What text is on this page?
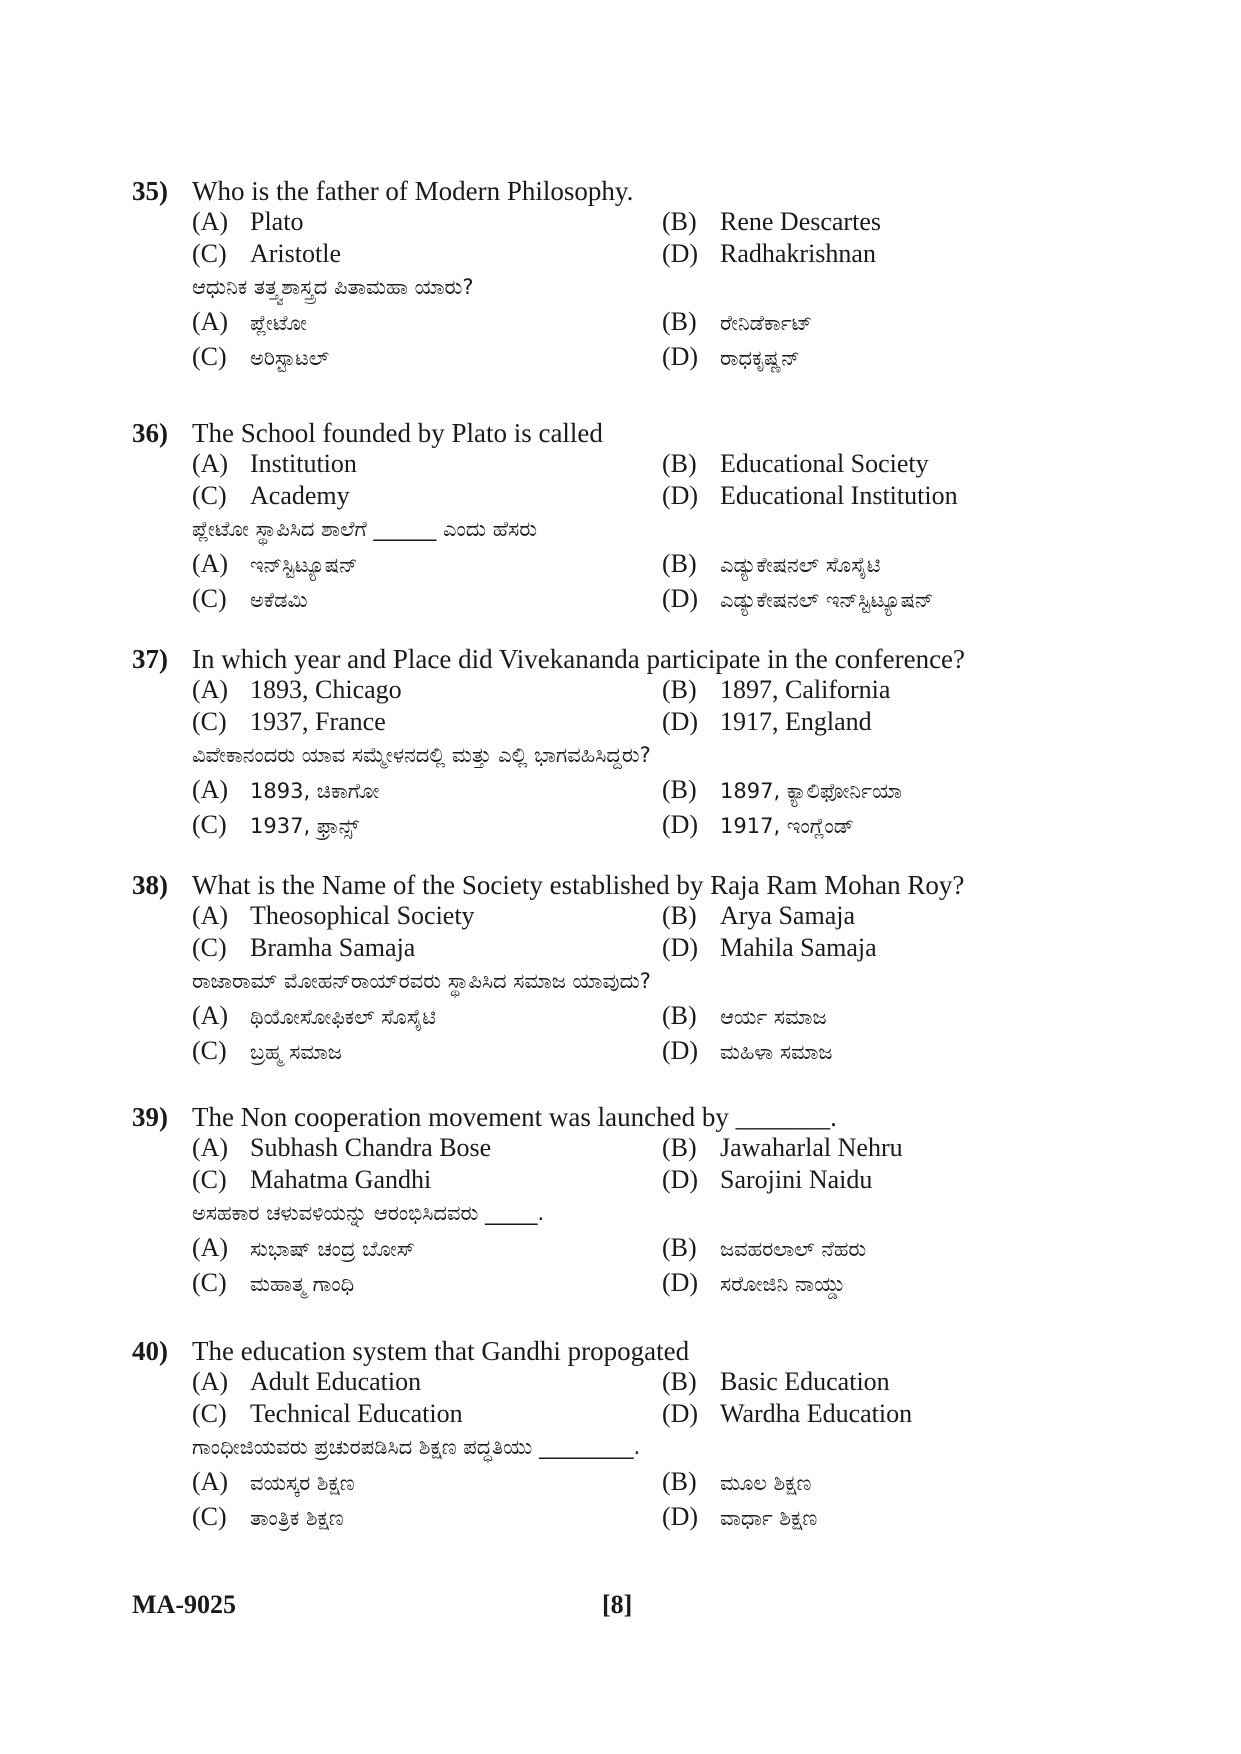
35) Who is the father of Modern Philosophy.
(A) Plato	(B) Rene Descartes
(C) Aristotle	(D) Radhakrishnan
ಆಧುನಿಕ ತತ್ತ್ವಶಾಸ್ತ್ರದ ಪಿತಾಮಹಾ ಯಾರು?
(A) ಪ್ಲೇಟೋ	(B) ರೇನಿಡೆರ್ಕಾಟ್
(C) ಅರಿಸ್ಟಾಟಲ್	(D) ರಾಧಕೃಷ್ಣನ್
36) The School founded by Plato is called
(A) Institution	(B) Educational Society
(C) Academy	(D) Educational Institution
ಪ್ಲೇಟೋ ಸ್ಥಾಪಿಸಿದ ಶಾಲೆಗೆ ______ ಎಂದು ಹೆಸರು
(A) ಇನ್‌ಸ್ಟಿಟ್ಯೂಷನ್	(B) ಎಡ್ಯುಕೇಷನಲ್ ಸೊಸೈಟಿ
(C) ಅಕೆಡಮಿ	(D) ಎಡ್ಯುಕೇಷನಲ್ ಇನ್‌ಸ್ಟಿಟ್ಯೂಷನ್
37) In which year and Place did Vivekananda participate in the conference?
(A) 1893, Chicago	(B) 1897, California
(C) 1937, France	(D) 1917, England
ವಿವೇಕಾನಂದರು ಯಾವ ಸಮ್ಮೇಳನದಲ್ಲಿ ಮತ್ತು ಎಲ್ಲಿ ಭಾಗವಹಿಸಿದ್ದರು?
(A) 1893, ಚಿಕಾಗೋ	(B) 1897, ಕ್ಯಾಲಿಫೋರ್ನಿಯಾ
(C) 1937, ಫ್ರಾನ್ಸ್	(D) 1917, ಇಂಗ್ಲೆಂಡ್
38) What is the Name of the Society established by Raja Ram Mohan Roy?
(A) Theosophical Society	(B) Arya Samaja
(C) Bramha Samaja	(D) Mahila Samaja
ರಾಜಾರಾಮ್ ಮೋಹನ್‌ರಾಯ್‌ರವರು ಸ್ಥಾಪಿಸಿದ ಸಮಾಜ ಯಾವುದು?
(A) ಥಿಯೋಸೋಫಿಕಲ್ ಸೊಸೈಟಿ	(B) ಆರ್ಯ ಸಮಾಜ
(C) ಬ್ರಹ್ಮ ಸಮಾಜ	(D) ಮಹಿಳಾ ಸಮಾಜ
39) The Non cooperation movement was launched by _______.
(A) Subhash Chandra Bose	(B) Jawaharlal Nehru
(C) Mahatma Gandhi	(D) Sarojini Naidu
ಅಸಹಕಾರ ಚಳುವಳಿಯನ್ನು ಆರಂಭಿಸಿದವರು _____.
(A) ಸುಭಾಷ್ ಚಂದ್ರ ಬೋಸ್	(B) ಜವಹರಲಾಲ್ ನೆಹರು
(C) ಮಹಾತ್ಮ ಗಾಂಧಿ	(D) ಸರೋಜಿನಿ ನಾಯ್ಡು
40) The education system that Gandhi propogated
(A) Adult Education	(B) Basic Education
(C) Technical Education	(D) Wardha Education
ಗಾಂಧೀಜಿಯವರು ಪ್ರಚುರಪಡಿಸಿದ ಶಿಕ್ಷಣ ಪದ್ಧತಿಯು _________.
(A) ವಯಸ್ಕರ ಶಿಕ್ಷಣ	(B) ಮೂಲ ಶಿಕ್ಷಣ
(C) ತಾಂತ್ರಿಕ ಶಿಕ್ಷಣ	(D) ವಾರ್ಧಾ ಶಿಕ್ಷಣ
MA-9025	[8]
